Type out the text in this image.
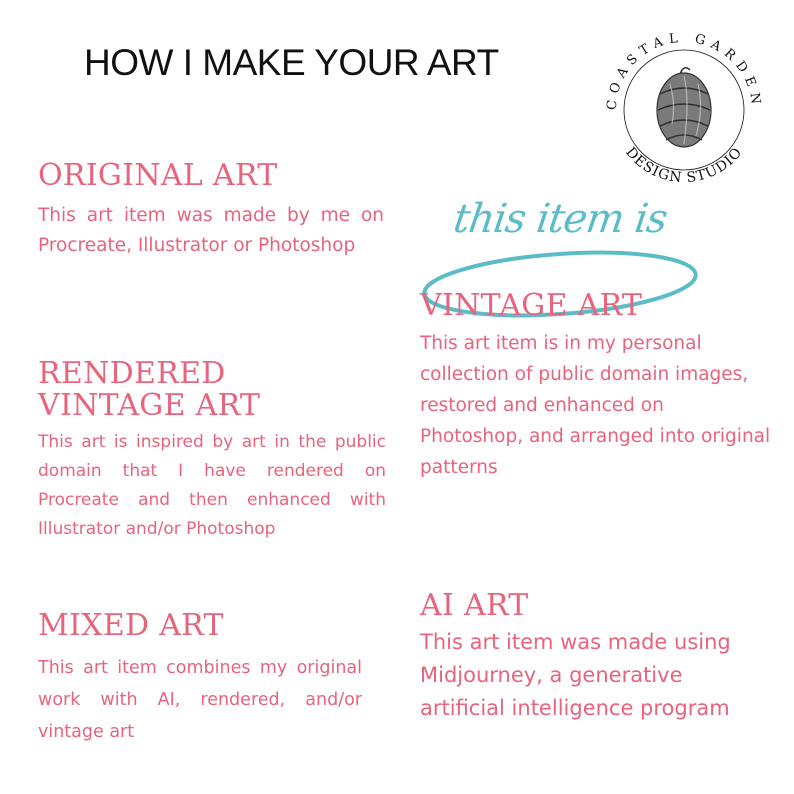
HOW I MAKE YOUR ART
COASTAL GARDEN
DESIGN STUDIO
this item is
ORIGINAL ART
This art item was made by me on Procreate, Illustrator or Photoshop
RENDERED VINTAGE ART
This art is inspired by art in the public domain that I have rendered on Procreate and then enhanced with Illustrator and/or Photoshop
MIXED ART
This art item combines my original work with AI, rendered, and/or vintage art
VINTAGE ART
This art item is in my personal collection of public domain images, restored and enhanced on Photoshop, and arranged into original patterns
AI ART
This art item was made using Midjourney, a generative artificial intelligence program
